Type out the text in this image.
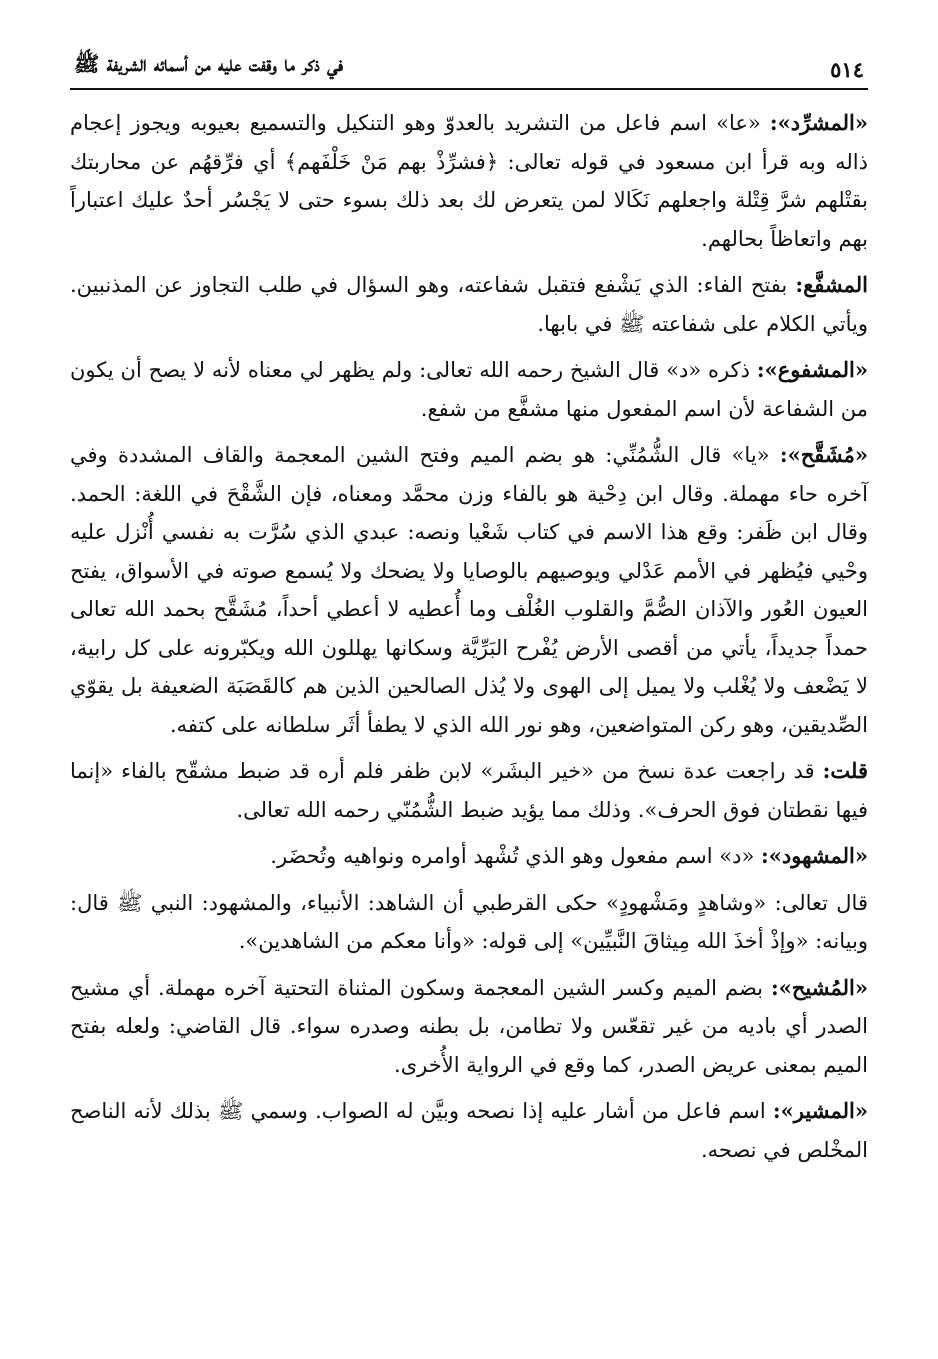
٥١٤
في ذكر ما وقفت عليه من أسمائه الشريفة ﷺ

«المشرِّد»: «عا» اسم فاعل من التشريد بالعدوّ وهو التنكيل والتسميع بعيوبه ويجوز إعجام ذاله وبه قرأ ابن مسعود في قوله تعالى: ﴿فشرِّذْ بهم مَنْ خَلْفَهم﴾ أي فرِّقهُم عن محاربتك بقتْلهم شرَّ قِتْلة واجعلهم نَكَالا لمن يتعرض لك بعد ذلك بسوء حتى لا يَجْسُر أحدٌ عليك اعتباراً بهم واتعاظاً بحالهم.

المشفَّع: بفتح الفاء: الذي يَشْفع فتقبل شفاعته، وهو السؤال في طلب التجاوز عن المذنبين. ويأتي الكلام على شفاعته ﷺ في بابها.

«المشفوع»: ذكره «د» قال الشيخ رحمه الله تعالى: ولم يظهر لي معناه لأنه لا يصح أن يكون من الشفاعة لأن اسم المفعول منها مشفَّع من شفع.

«مُشَقَّح»: «يا» قال الشُّمُنِّي: هو بضم الميم وفتح الشين المعجمة والقاف المشددة وفي آخره حاء مهملة. وقال ابن دِحْية هو بالفاء وزن محمَّد ومعناه، فإن الشَّقْحَ في اللغة: الحمد. وقال ابن ظَفر: وقع هذا الاسم في كتاب شَعْيا ونصه: عبدي الذي سُرَّت به نفسي أُنْزل عليه وحْيي فيُظهر في الأمم عَدْلي ويوصيهم بالوصايا ولا يضحك ولا يُسمع صوته في الأسواق، يفتح العيون العُور والآذان الصُّمَّ والقلوب الغُلْف وما أُعطيه لا أعطي أحداً، مُشَقَّح بحمد الله تعالى حمداً جديداً، يأتي من أقصى الأرض يُفْرح البَرِّيَّة وسكانها يهللون الله ويكبّرونه على كل رابية، لا يَضْعف ولا يُغْلب ولا يميل إلى الهوى ولا يُذل الصالحين الذين هم كالقَصَبَة الضعيفة بل يقوّي الصِّديقين، وهو ركن المتواضعين، وهو نور الله الذي لا يطفأ أثَر سلطانه على كتفه.

قلت: قد راجعت عدة نسخ من «خير البشَر» لابن ظفر فلم أره قد ضبط مشقّح بالفاء «إنما فيها نقطتان فوق الحرف». وذلك مما يؤيد ضبط الشُّمُنّي رحمه الله تعالى.

«المشهود»: «د» اسم مفعول وهو الذي تُشْهد أوامره ونواهيه وتُحضَر.

قال تعالى: «وشاهدٍ ومَشْهودٍ» حكى القرطبي أن الشاهد: الأنبياء، والمشهود: النبي ﷺ قال: وبيانه: «وإذْ أخذَ الله مِيثاقَ النَّبيِّين» إلى قوله: «وأنا معكم من الشاهدين».

«المُشيح»: بضم الميم وكسر الشين المعجمة وسكون المثناة التحتية آخره مهملة. أي مشيح الصدر أي باديه من غير تقعّس ولا تطامن، بل بطنه وصدره سواء. قال القاضي: ولعله بفتح الميم بمعنى عريض الصدر، كما وقع في الرواية الأُخرى.

«المشير»: اسم فاعل من أشار عليه إذا نصحه وبيَّن له الصواب. وسمي ﷺ بذلك لأنه الناصح المخْلص في نصحه.
